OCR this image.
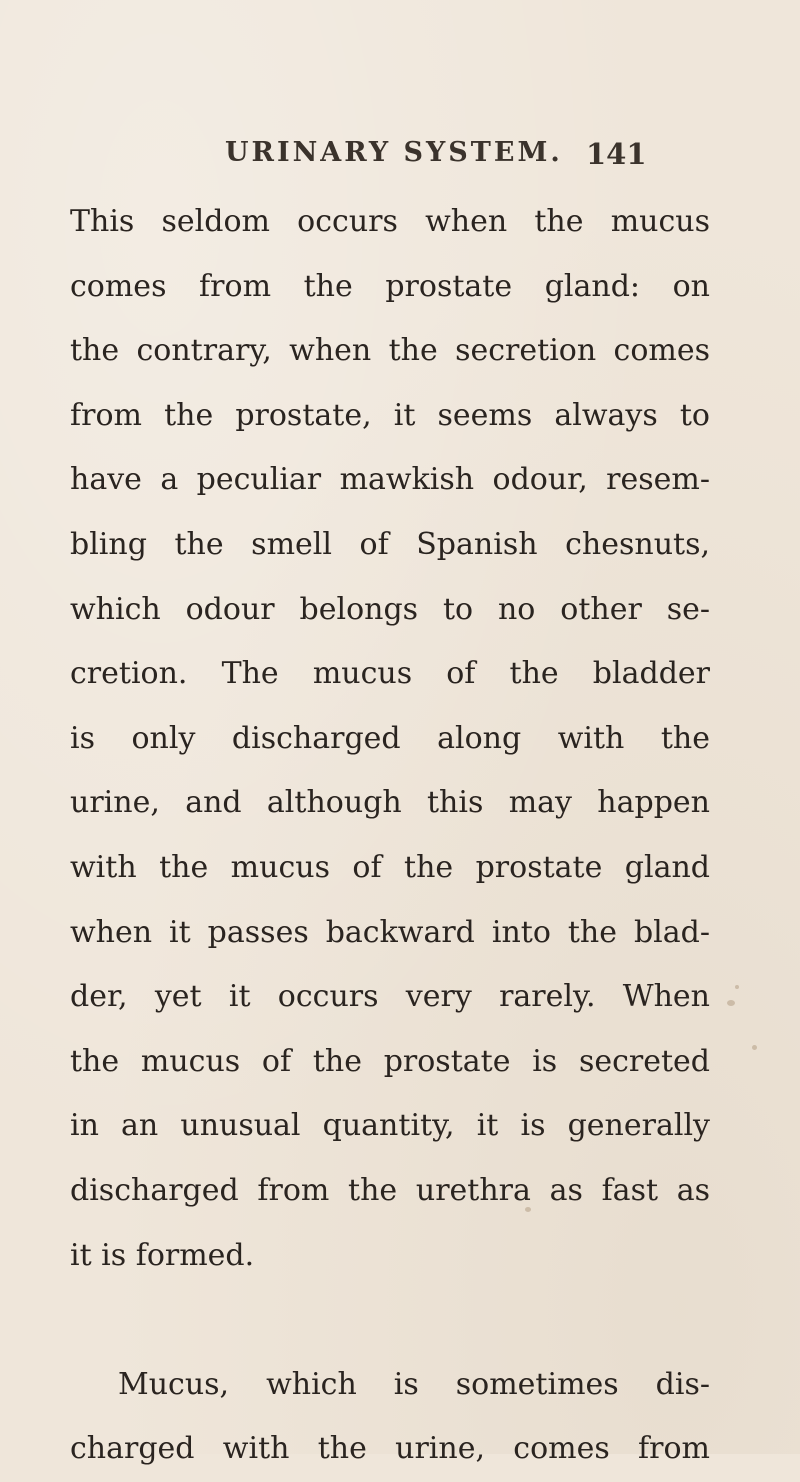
URINARY SYSTEM. 141
This seldom occurs when the mucus
comes from the prostate gland: on
the contrary, when the secretion comes
from the prostate, it seems always to
have a peculiar mawkish odour, resem-
bling the smell of Spanish chesnuts,
which odour belongs to no other se-
cretion. The mucus of the bladder
is only discharged along with the
urine, and although this may happen
with the mucus of the prostate gland
when it passes backward into the blad-
der, yet it occurs very rarely. When
the mucus of the prostate is secreted
in an unusual quantity, it is generally
discharged from the urethra as fast as
it is formed.
Mucus, which is sometimes dis-
charged with the urine, comes from
